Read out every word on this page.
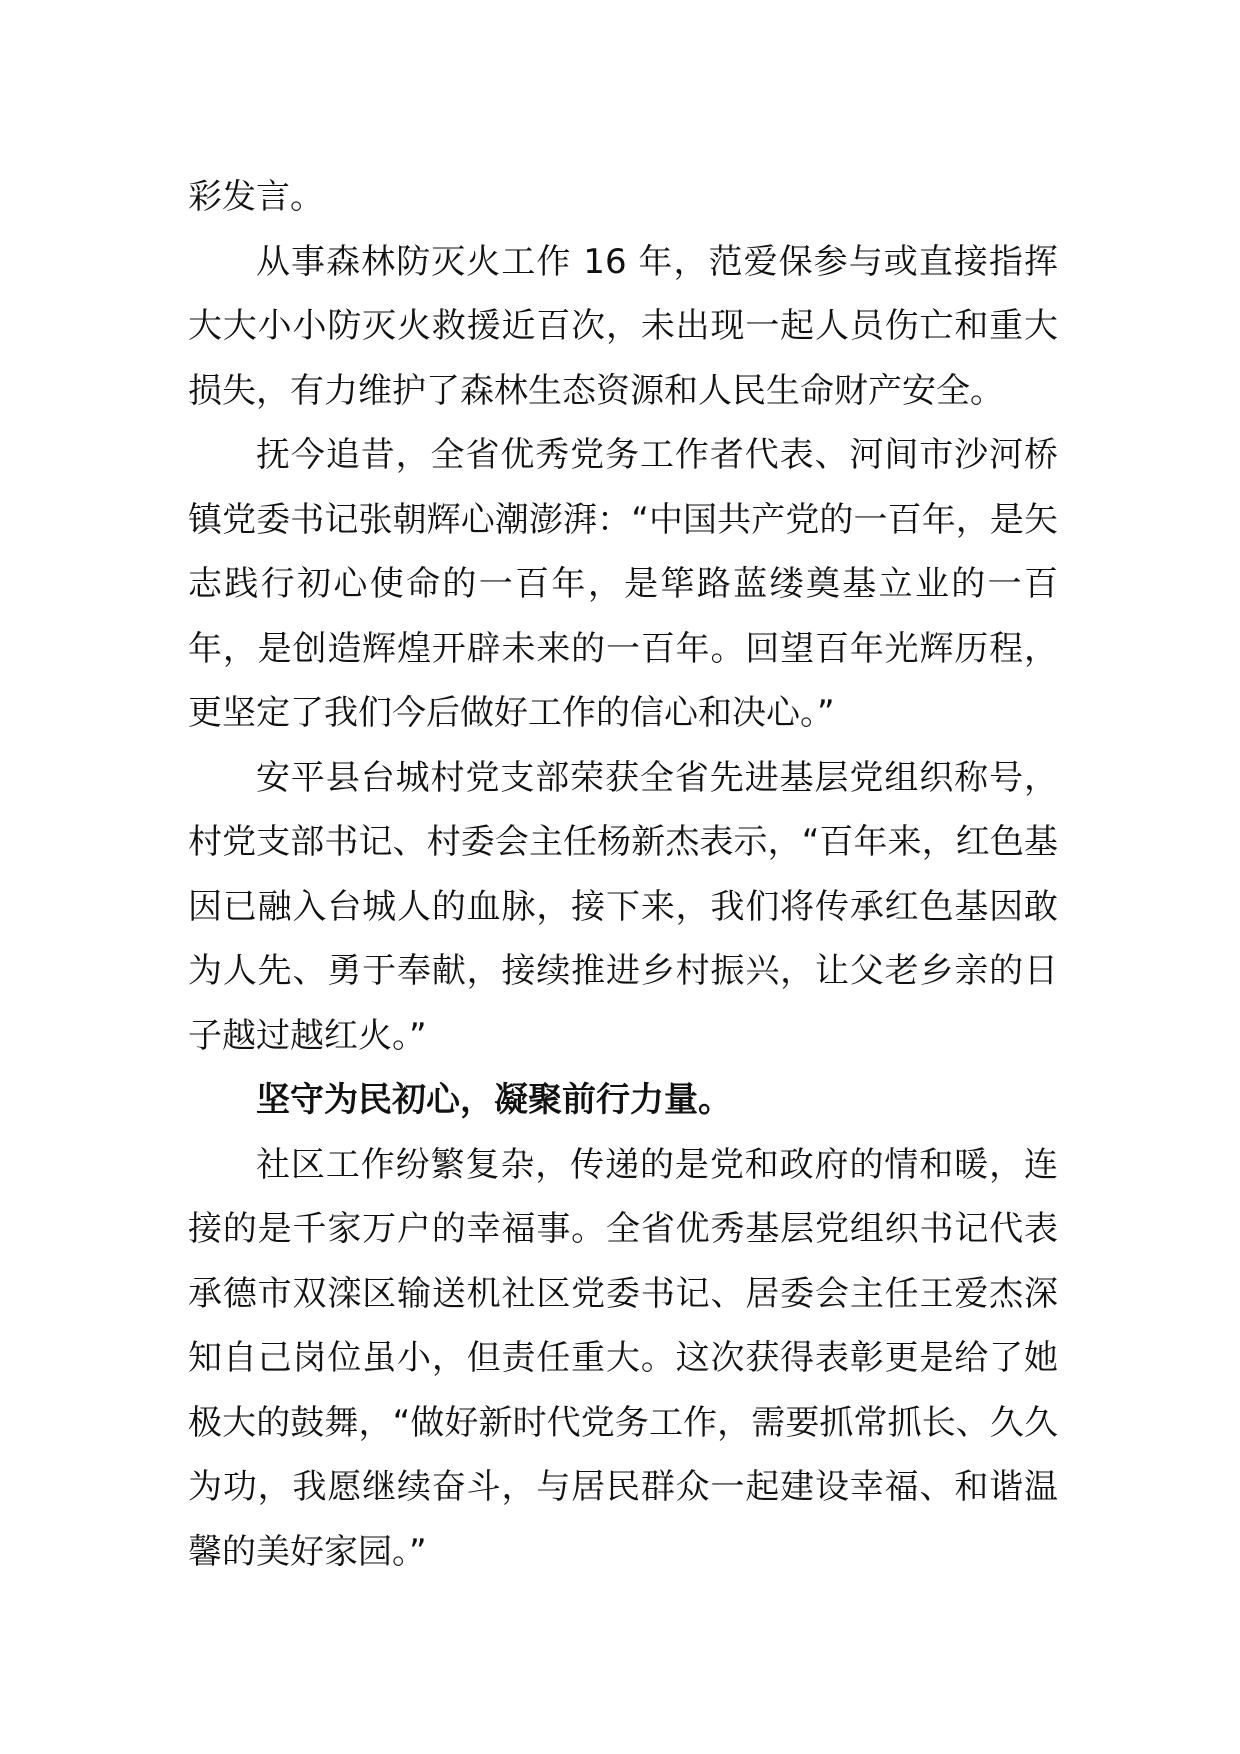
彩发言。

从事森林防灭火工作 16 年，范爱保参与或直接指挥大大小小防灭火救援近百次，未出现一起人员伤亡和重大损失，有力维护了森林生态资源和人民生命财产安全。

抚今追昔，全省优秀党务工作者代表、河间市沙河桥镇党委书记张朝辉心潮澎湃：“中国共产党的一百年，是矢志践行初心使命的一百年，是筚路蓝缕奠基立业的一百年，是创造辉煌开辟未来的一百年。回望百年光辉历程，更坚定了我们今后做好工作的信心和决心。”

安平县台城村党支部荣获全省先进基层党组织称号，村党支部书记、村委会主任杨新杰表示，“百年来，红色基因已融入台城人的血脉，接下来，我们将传承红色基因敢为人先、勇于奉献，接续推进乡村振兴，让父老乡亲的日子越过越红火。”

坚守为民初心，凝聚前行力量。

社区工作纷繁复杂，传递的是党和政府的情和暖，连接的是千家万户的幸福事。全省优秀基层党组织书记代表承德市双滦区输送机社区党委书记、居委会主任王爱杰深知自己岗位虽小，但责任重大。这次获得表彰更是给了她极大的鼓舞，“做好新时代党务工作，需要抓常抓长、久久为功，我愿继续奋斗，与居民群众一起建设幸福、和谐温馨的美好家园。”
